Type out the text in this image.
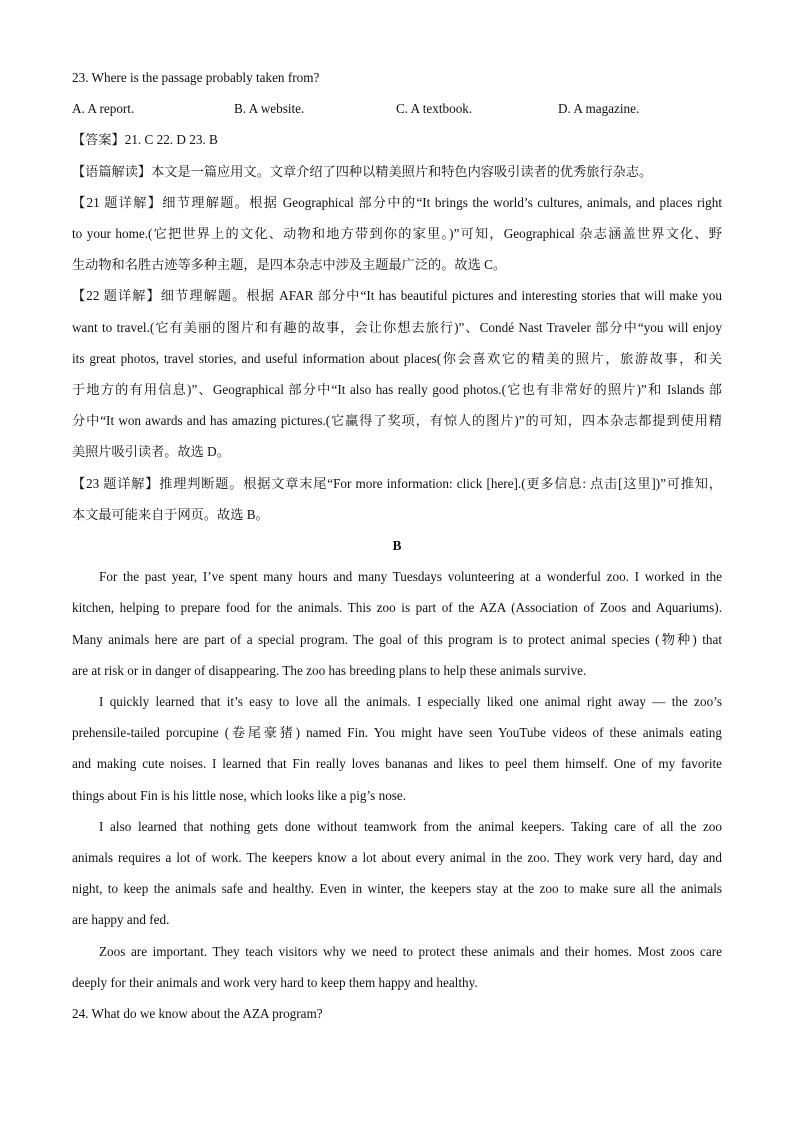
23. Where is the passage probably taken from?
A. A report.	B. A website.	C. A textbook.	D. A magazine.
【答案】21. C 22. D 23. B
【语篇解读】本文是一篇应用文。文章介绍了四种以精美照片和特色内容吸引读者的优秀旅行杂志。
【21 题详解】细节理解题。根据 Geographical 部分中的“It brings the world’s cultures, animals, and places right
to your home.(它把世界上的文化、动物和地方带到你的家里。)”可知，Geographical 杂志涵盖世界文化、野
生动物和名胜古迹等多种主题，是四本杂志中涉及主题最广泛的。故选 C。
【22 题详解】细节理解题。根据 AFAR 部分中“It has beautiful pictures and interesting stories that will make you
want to travel.(它有美丽的图片和有趣的故事，会让你想去旅行)”、Condé Nast Traveler 部分中“you will enjoy
its great photos, travel stories, and useful information about places(你会喜欢它的精美的照片，旅游故事，和关
于地方的有用信息)”、Geographical 部分中“It also has really good photos.(它也有非常好的照片)”和 Islands 部
分中“It won awards and has amazing pictures.(它赢得了奖项，有惊人的图片)”的可知，四本杂志都提到使用精
美照片吸引读者。故选 D。
【23 题详解】推理判断题。根据文章末尾“For more information: click [here].(更多信息: 点击[这里])”可推知，
本文最可能来自于网页。故选 B。
B
For the past year, I’ve spent many hours and many Tuesdays volunteering at a wonderful zoo. I worked in the
kitchen, helping to prepare food for the animals. This zoo is part of the AZA (Association of Zoos and Aquariums).
Many animals here are part of a special program. The goal of this program is to protect animal species (物种) that
are at risk or in danger of disappearing. The zoo has breeding plans to help these animals survive.
I quickly learned that it’s easy to love all the animals. I especially liked one animal right away — the zoo’s
prehensile-tailed porcupine (卷尾豪猪) named Fin. You might have seen YouTube videos of these animals eating
and making cute noises. I learned that Fin really loves bananas and likes to peel them himself. One of my favorite
things about Fin is his little nose, which looks like a pig’s nose.
I also learned that nothing gets done without teamwork from the animal keepers. Taking care of all the zoo
animals requires a lot of work. The keepers know a lot about every animal in the zoo. They work very hard, day and
night, to keep the animals safe and healthy. Even in winter, the keepers stay at the zoo to make sure all the animals
are happy and fed.
Zoos are important. They teach visitors why we need to protect these animals and their homes. Most zoos care
deeply for their animals and work very hard to keep them happy and healthy.
24. What do we know about the AZA program?
